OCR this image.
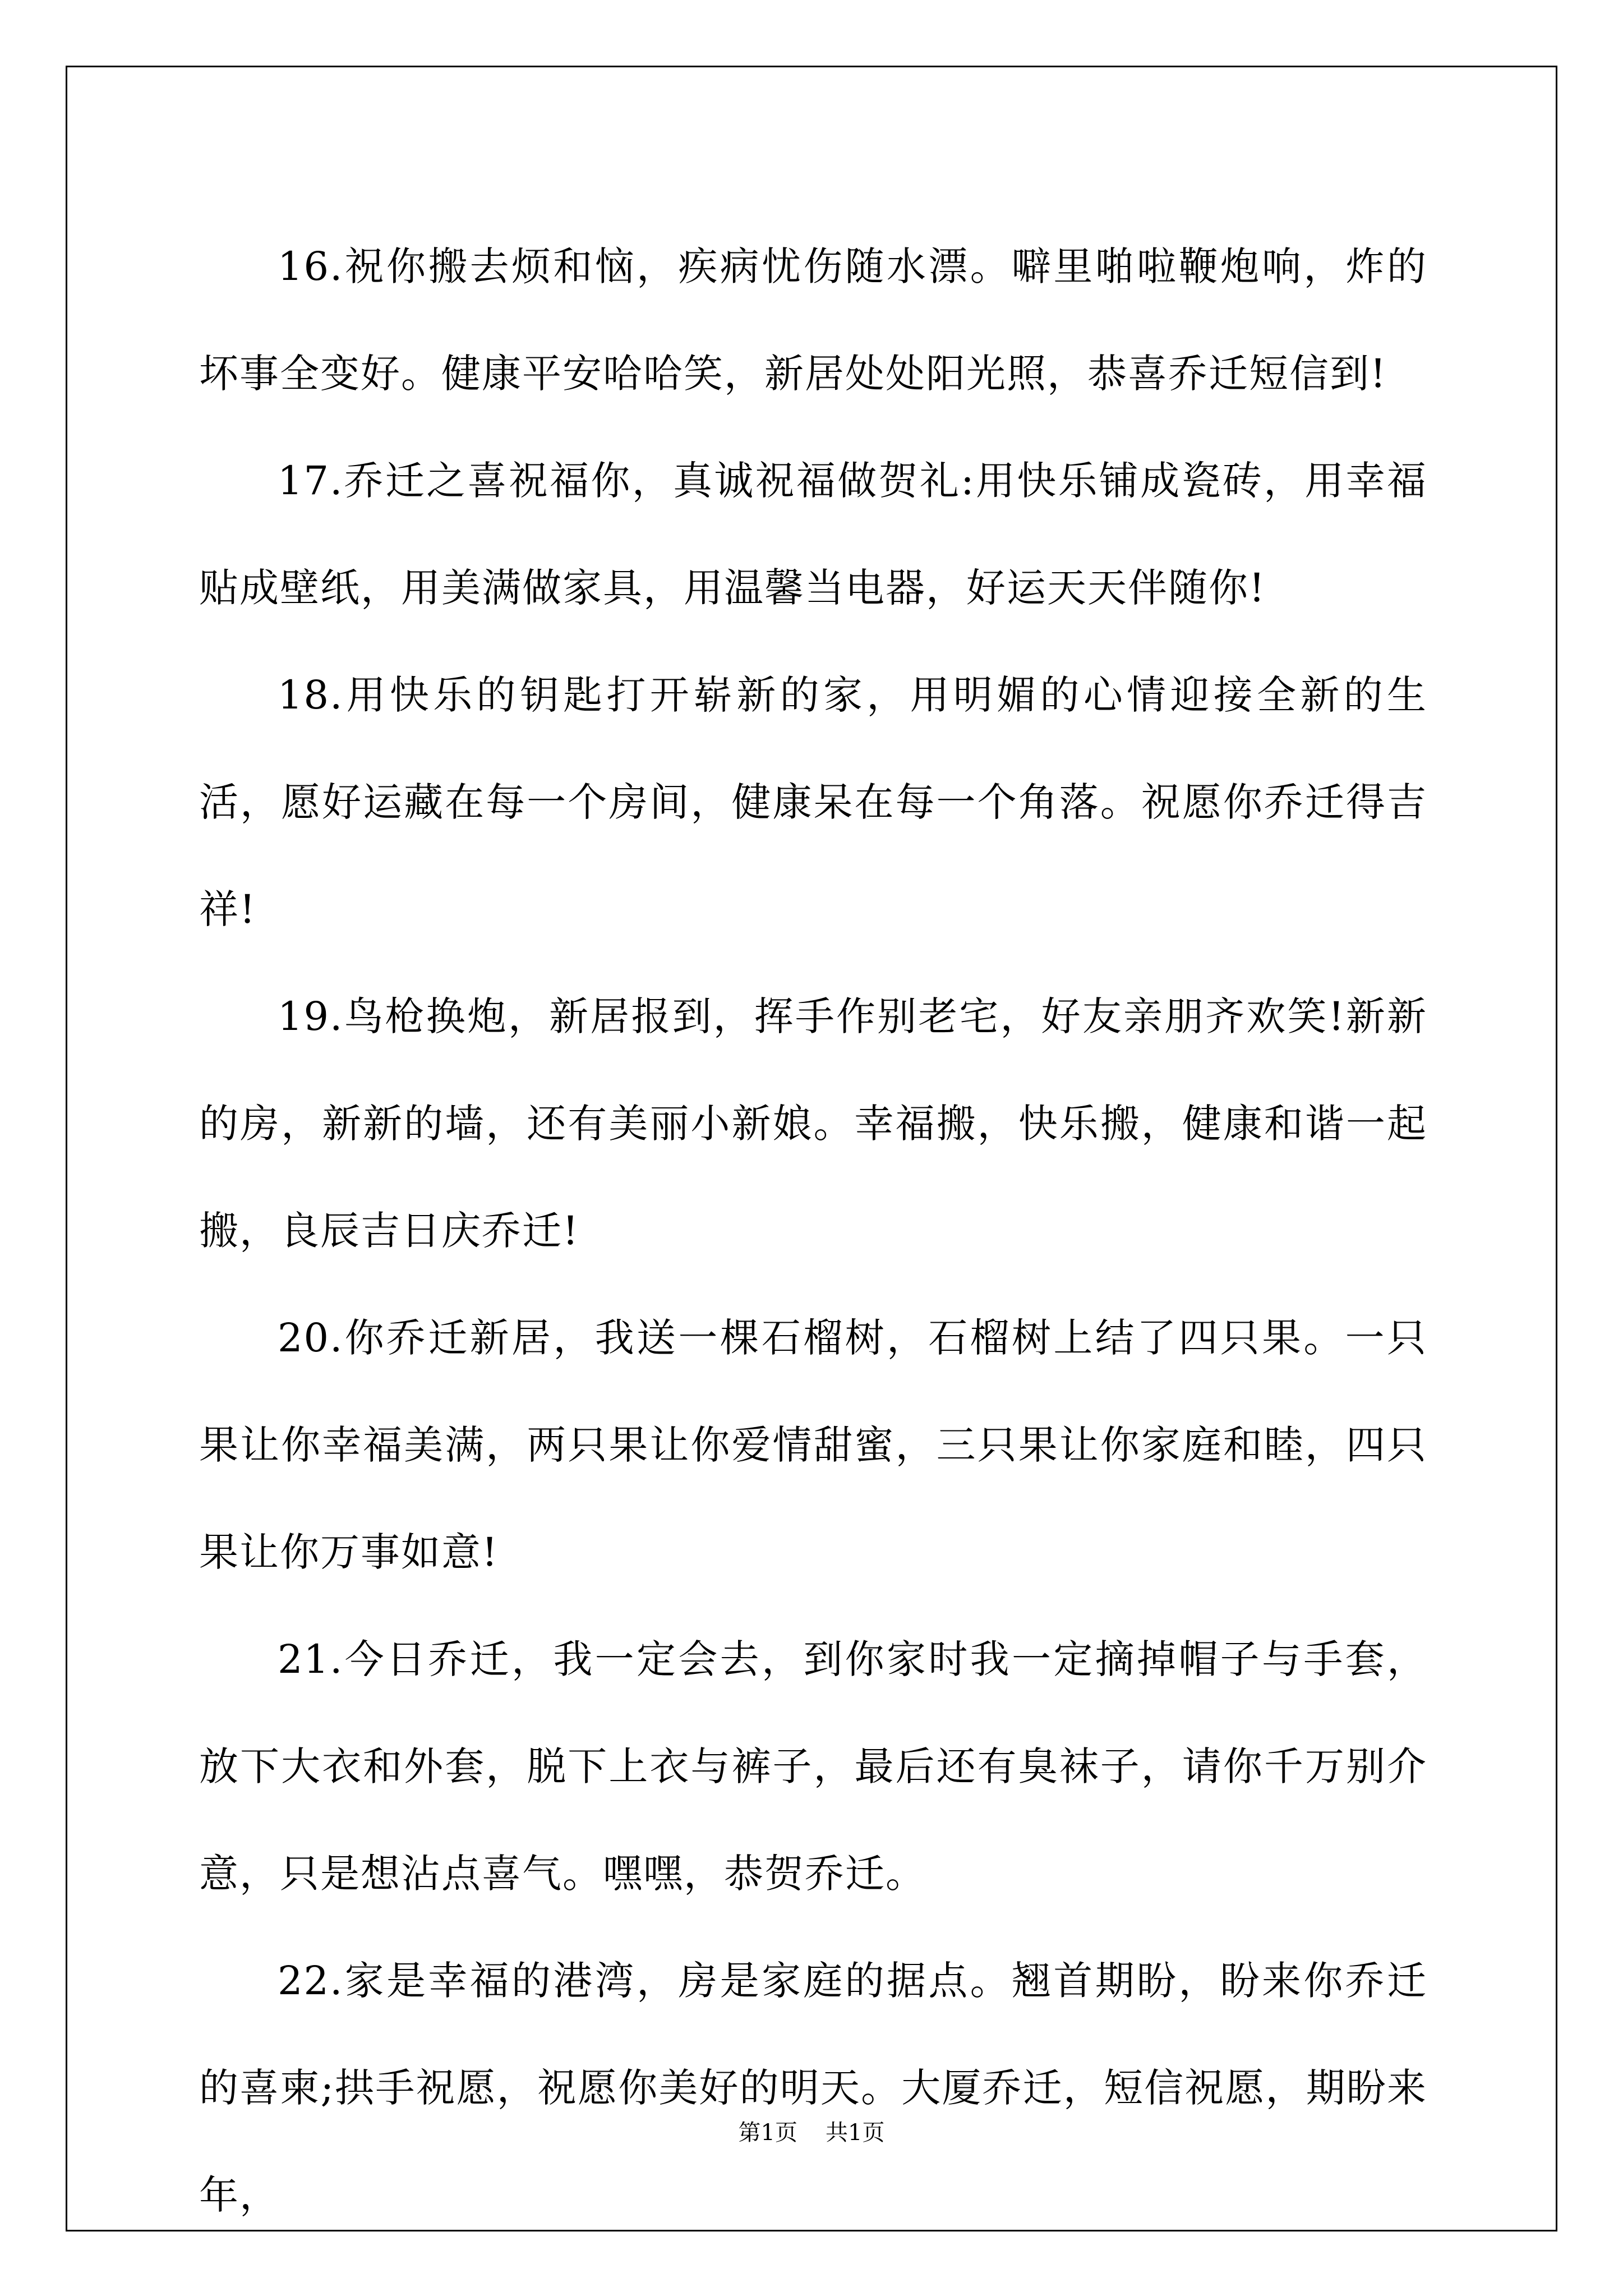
16.祝你搬去烦和恼，疾病忧伤随水漂。噼里啪啦鞭炮响，炸的坏事全变好。健康平安哈哈笑，新居处处阳光照，恭喜乔迁短信到!

17.乔迁之喜祝福你，真诚祝福做贺礼:用快乐铺成瓷砖，用幸福贴成壁纸，用美满做家具，用温馨当电器，好运天天伴随你!

18.用快乐的钥匙打开崭新的家，用明媚的心情迎接全新的生活，愿好运藏在每一个房间，健康呆在每一个角落。祝愿你乔迁得吉祥!

19.鸟枪换炮，新居报到，挥手作别老宅，好友亲朋齐欢笑!新新的房，新新的墙，还有美丽小新娘。幸福搬，快乐搬，健康和谐一起搬，良辰吉日庆乔迁!

20.你乔迁新居，我送一棵石榴树，石榴树上结了四只果。一只果让你幸福美满，两只果让你爱情甜蜜，三只果让你家庭和睦，四只果让你万事如意!

21.今日乔迁，我一定会去，到你家时我一定摘掉帽子与手套，放下大衣和外套，脱下上衣与裤子，最后还有臭袜子，请你千万别介意，只是想沾点喜气。嘿嘿，恭贺乔迁。

22.家是幸福的港湾，房是家庭的据点。翘首期盼，盼来你乔迁的喜柬;拱手祝愿，祝愿你美好的明天。大厦乔迁，短信祝愿，期盼来年，

第1页 共1页
